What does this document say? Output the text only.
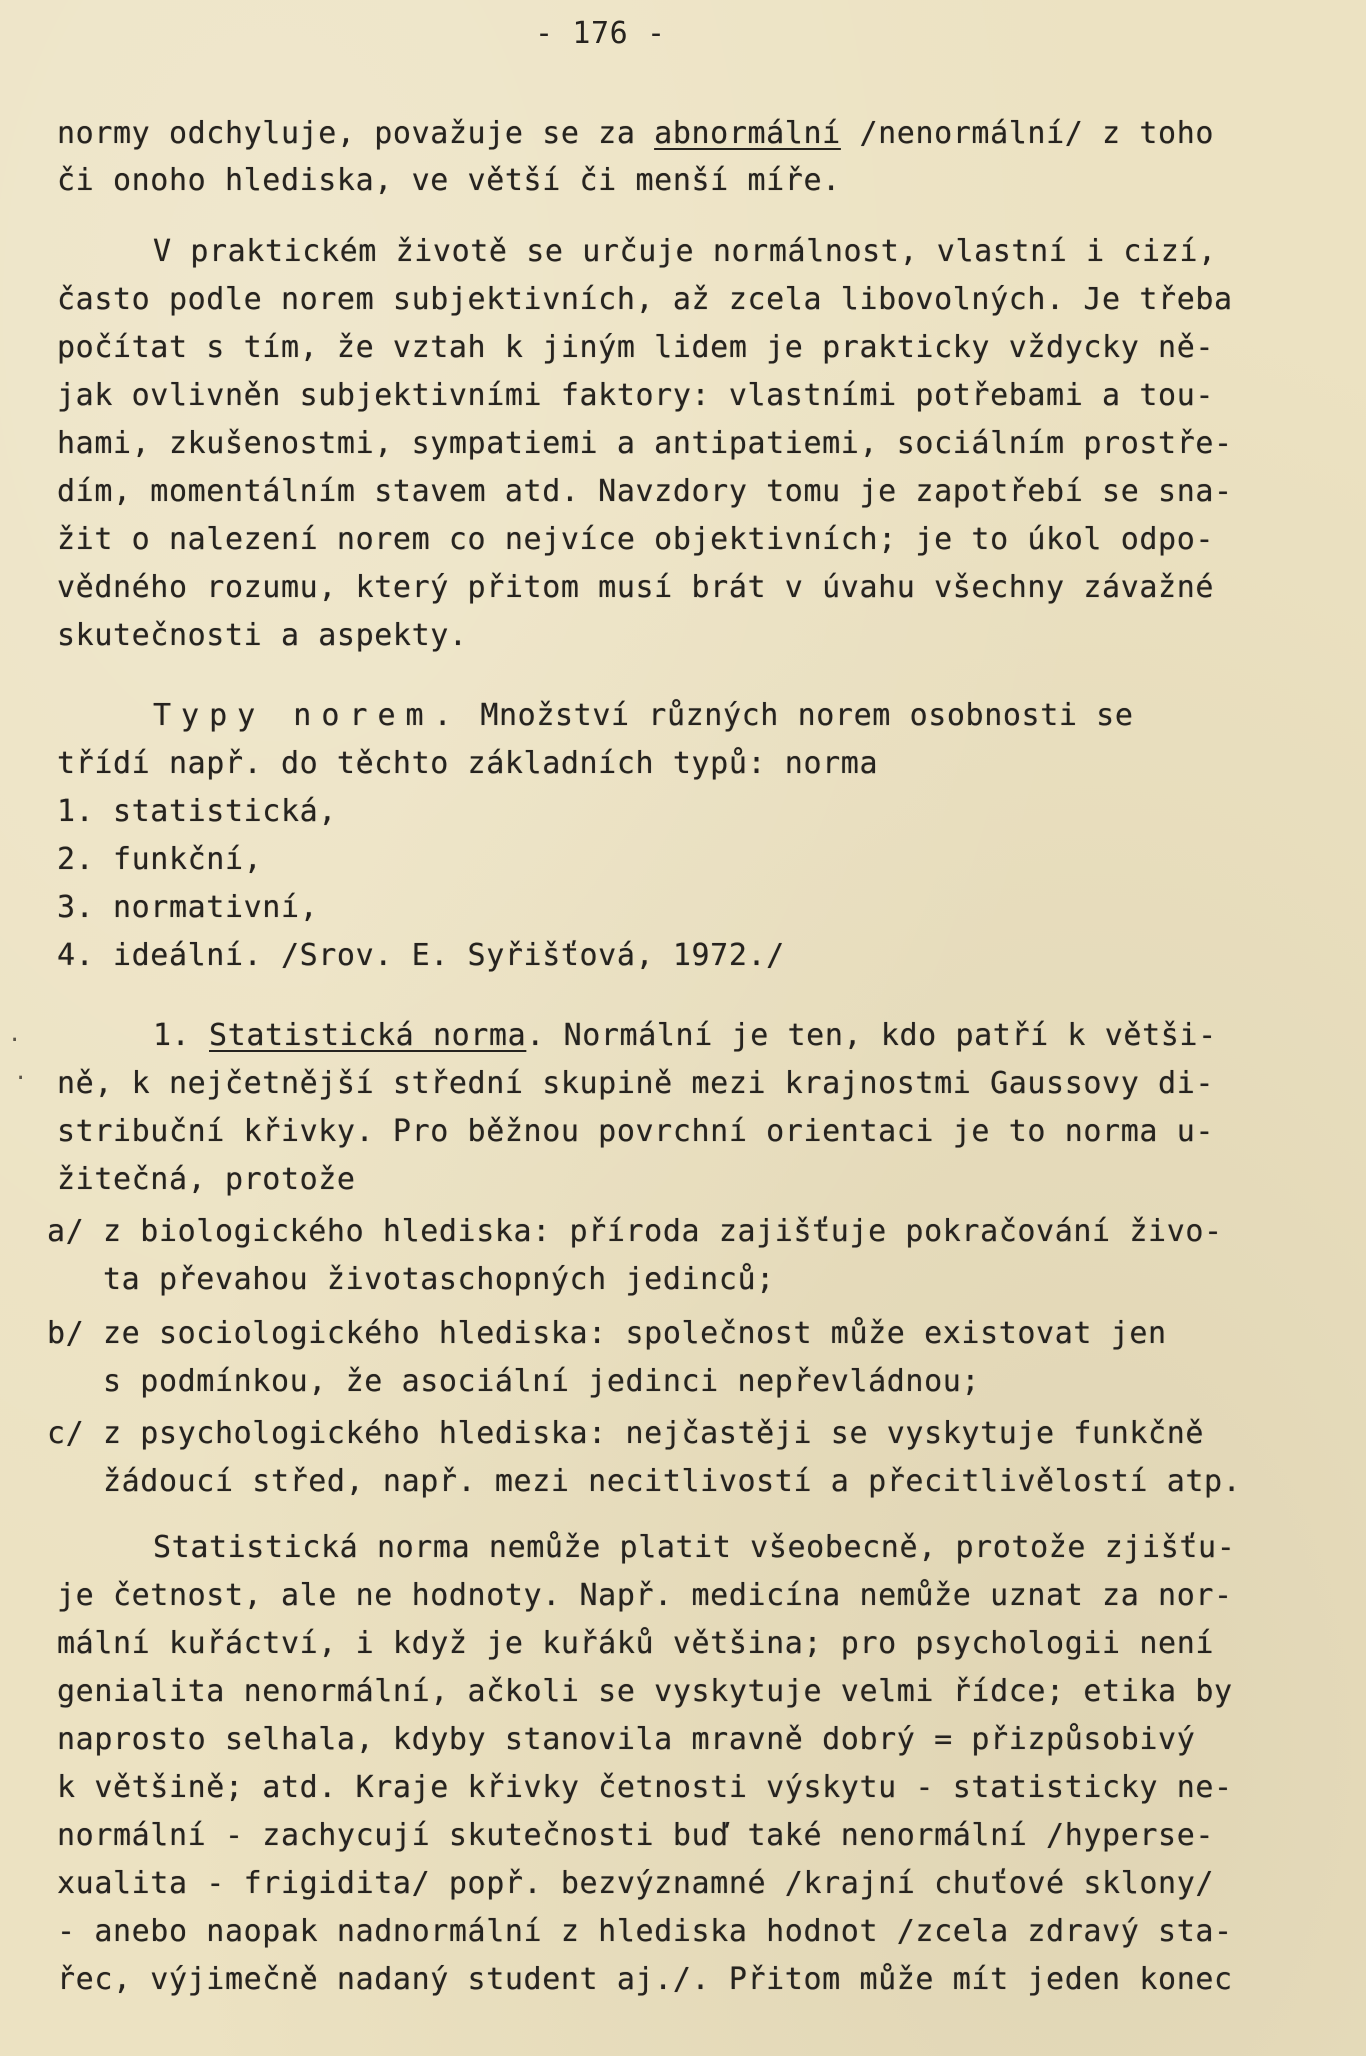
- 176 -
normy odchyluje, považuje se za abnormální /nenormální/ z toho
či onoho hlediska, ve větší či menší míře.
V praktickém životě se určuje normálnost, vlastní i cizí,
často podle norem subjektivních, až zcela libovolných. Je třeba
počítat s tím, že vztah k jiným lidem je prakticky vždycky ně-
jak ovlivněn subjektivními faktory: vlastními potřebami a tou-
hami, zkušenostmi, sympatiemi a antipatiemi, sociálním prostře-
dím, momentálním stavem atd. Navzdory tomu je zapotřebí se sna-
žit o nalezení norem co nejvíce objektivních; je to úkol odpo-
vědného rozumu, který přitom musí brát v úvahu všechny závažné
skutečnosti a aspekty.
Typy norem. Množství různých norem osobnosti se
třídí např. do těchto základních typů: norma
1. statistická,
2. funkční,
3. normativní,
4. ideální. /Srov. E. Syřišťová, 1972./
·
·
1. Statistická norma. Normální je ten, kdo patří k větši-
ně, k nejčetnější střední skupině mezi krajnostmi Gaussovy di-
stribuční křivky. Pro běžnou povrchní orientaci je to norma u-
žitečná, protože
a/ z biologického hlediska: příroda zajišťuje pokračování živo-
ta převahou životaschopných jedinců;
b/ ze sociologického hlediska: společnost může existovat jen
s podmínkou, že asociální jedinci nepřevládnou;
c/ z psychologického hlediska: nejčastěji se vyskytuje funkčně
žádoucí střed, např. mezi necitlivostí a přecitlivělostí atp.
Statistická norma nemůže platit všeobecně, protože zjišťu-
je četnost, ale ne hodnoty. Např. medicína nemůže uznat za nor-
mální kuřáctví, i když je kuřáků většina; pro psychologii není
genialita nenormální, ačkoli se vyskytuje velmi řídce; etika by
naprosto selhala, kdyby stanovila mravně dobrý = přizpůsobivý
k většině; atd. Kraje křivky četnosti výskytu - statisticky ne-
normální - zachycují skutečnosti buď také nenormální /hyperse-
xualita - frigidita/ popř. bezvýznamné /krajní chuťové sklony/
- anebo naopak nadnormální z hlediska hodnot /zcela zdravý sta-
řec, výjimečně nadaný student aj./. Přitom může mít jeden konec
